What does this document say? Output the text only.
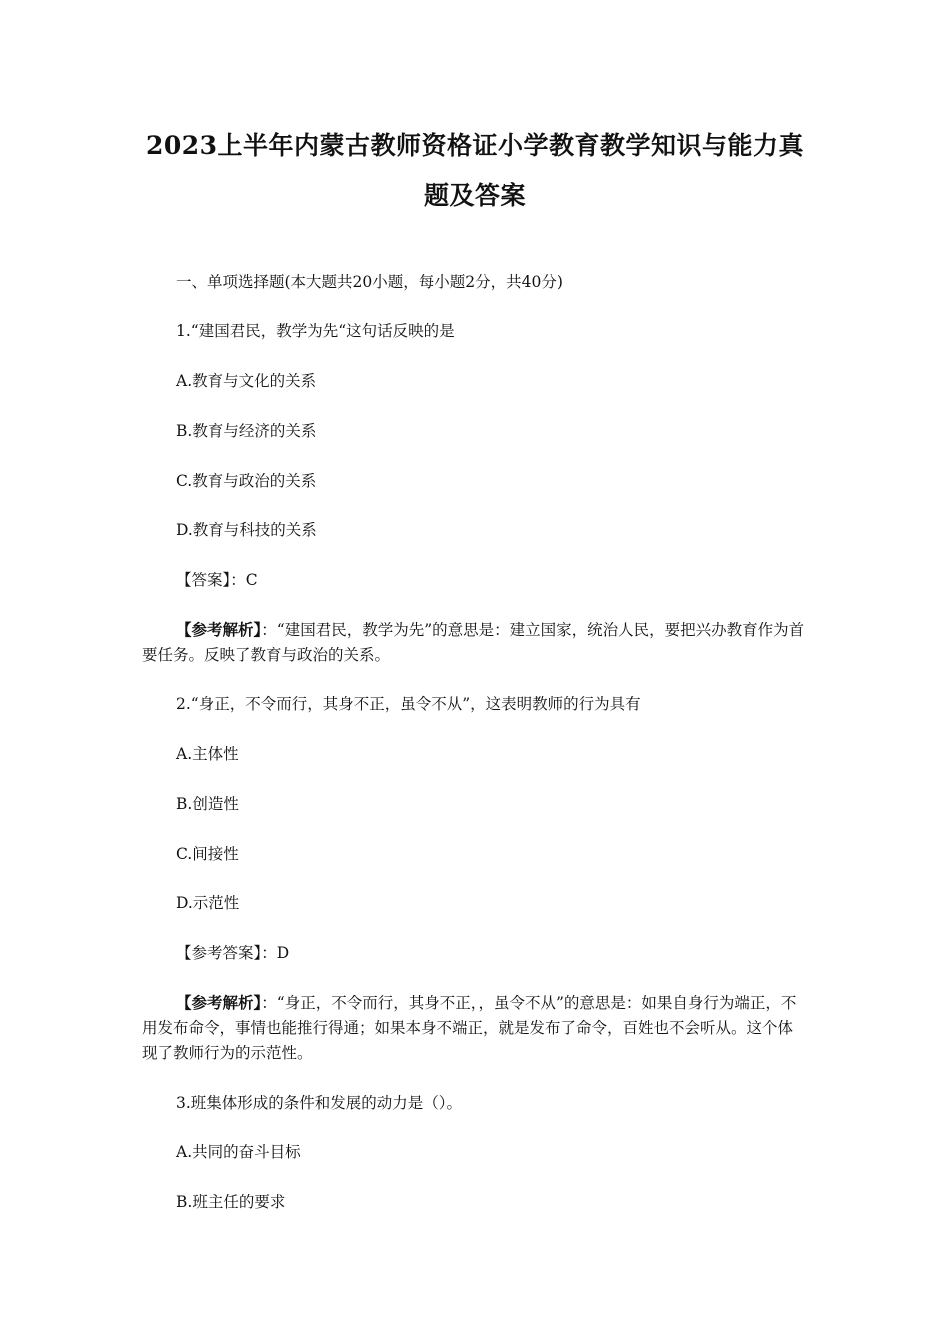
2023上半年内蒙古教师资格证小学教育教学知识与能力真
题及答案
一、单项选择题(本大题共20小题，每小题2分，共40分)
1.“建国君民，教学为先“这句话反映的是
A.教育与文化的关系
B.教育与经济的关系
C.教育与政治的关系
D.教育与科技的关系
【答案】：C
【参考解析】：“建国君民，教学为先”的意思是：建立国家，统治人民，要把兴办教育作为首要任务。反映了教育与政治的关系。
2.“身正，不令而行，其身不正，虽令不从”，这表明教师的行为具有
A.主体性
B.创造性
C.间接性
D.示范性
【参考答案】：D
【参考解析】：“身正，不令而行，其身不正，，虽令不从”的意思是：如果自身行为端正，不用发布命令，事情也能推行得通；如果本身不端正，就是发布了命令，百姓也不会听从。这个体现了教师行为的示范性。
3.班集体形成的条件和发展的动力是（）。
A.共同的奋斗目标
B.班主任的要求
